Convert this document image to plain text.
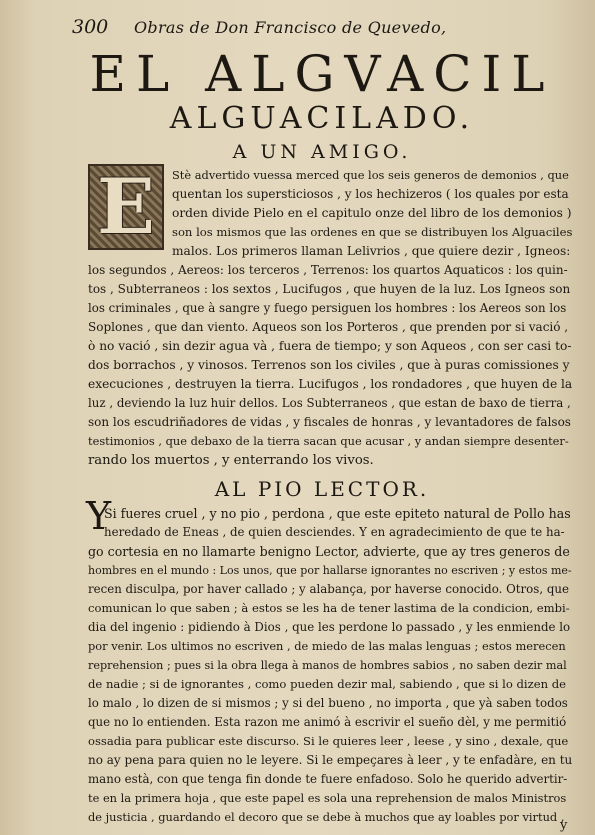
300 Obras de Don Francisco de Quevedo,
EL ALGVACIL
ALGUACILADO.
A UN AMIGO.
E Stè advertido vuessa merced que los seis generos de demonios , que
quentan los supersticiosos , y los hechizeros ( los quales por esta
orden divide Pielo en el capitulo onze del libro de los demonios )
son los mismos que las ordenes en que se distribuyen los Alguaciles
malos. Los primeros llaman Lelivrios , que quiere dezir , Igneos:
los segundos , Aereos: los terceros , Terrenos: los quartos Aquaticos : los quin-
tos , Subterraneos : los sextos , Lucifugos , que huyen de la luz. Los Igneos son
los criminales , que à sangre y fuego persiguen los hombres : los Aereos son los
Soplones , que dan viento. Aqueos son los Porteros , que prenden por si vació ,
ò no vació , sin dezir agua và , fuera de tiempo; y son Aqueos , con ser casi to-
dos borrachos , y vinosos. Terrenos son los civiles , que à puras comissiones y
execuciones , destruyen la tierra. Lucifugos , los rondadores , que huyen de la
luz , deviendo la luz huir dellos. Los Subterraneos , que estan de baxo de tierra ,
son los escudriñadores de vidas , y fiscales de honras , y levantadores de falsos
testimonios , que debaxo de la tierra sacan que acusar , y andan siempre desenter-
rando los muertos , y enterrando los vivos.
AL PIO LECTOR.
Y
Si fueres cruel , y no pio , perdona , que este epiteto natural de Pollo has
heredado de Eneas , de quien desciendes. Y en agradecimiento de que te ha-
go cortesia en no llamarte benigno Lector, advierte, que ay tres generos de
hombres en el mundo : Los unos, que por hallarse ignorantes no escriven ; y estos me-
recen disculpa, por haver callado ; y alabança, por haverse conocido. Otros, que
comunican lo que saben ; à estos se les ha de tener lastima de la condicion, embi-
dia del ingenio : pidiendo à Dios , que les perdone lo passado , y les enmiende lo
por venir. Los ultimos no escriven , de miedo de las malas lenguas ; estos merecen
reprehension ; pues si la obra llega à manos de hombres sabios , no saben dezir mal
de nadie ; si de ignorantes , como pueden dezir mal, sabiendo , que si lo dizen de
lo malo , lo dizen de si mismos ; y si del bueno , no importa , que yà saben todos
que no lo entienden. Esta razon me animó à escrivir el sueño dèl, y me permitió
ossadia para publicar este discurso. Si le quieres leer , leese , y sino , dexale, que
no ay pena para quien no le leyere. Si le empeçares à leer , y te enfadàre, en tu
mano està, con que tenga fin donde te fuere enfadoso. Solo he querido advertir-
te en la primera hoja , que este papel es sola una reprehension de malos Ministros
de justicia , guardando el decoro que se debe à muchos que ay loables por virtud ,
y
